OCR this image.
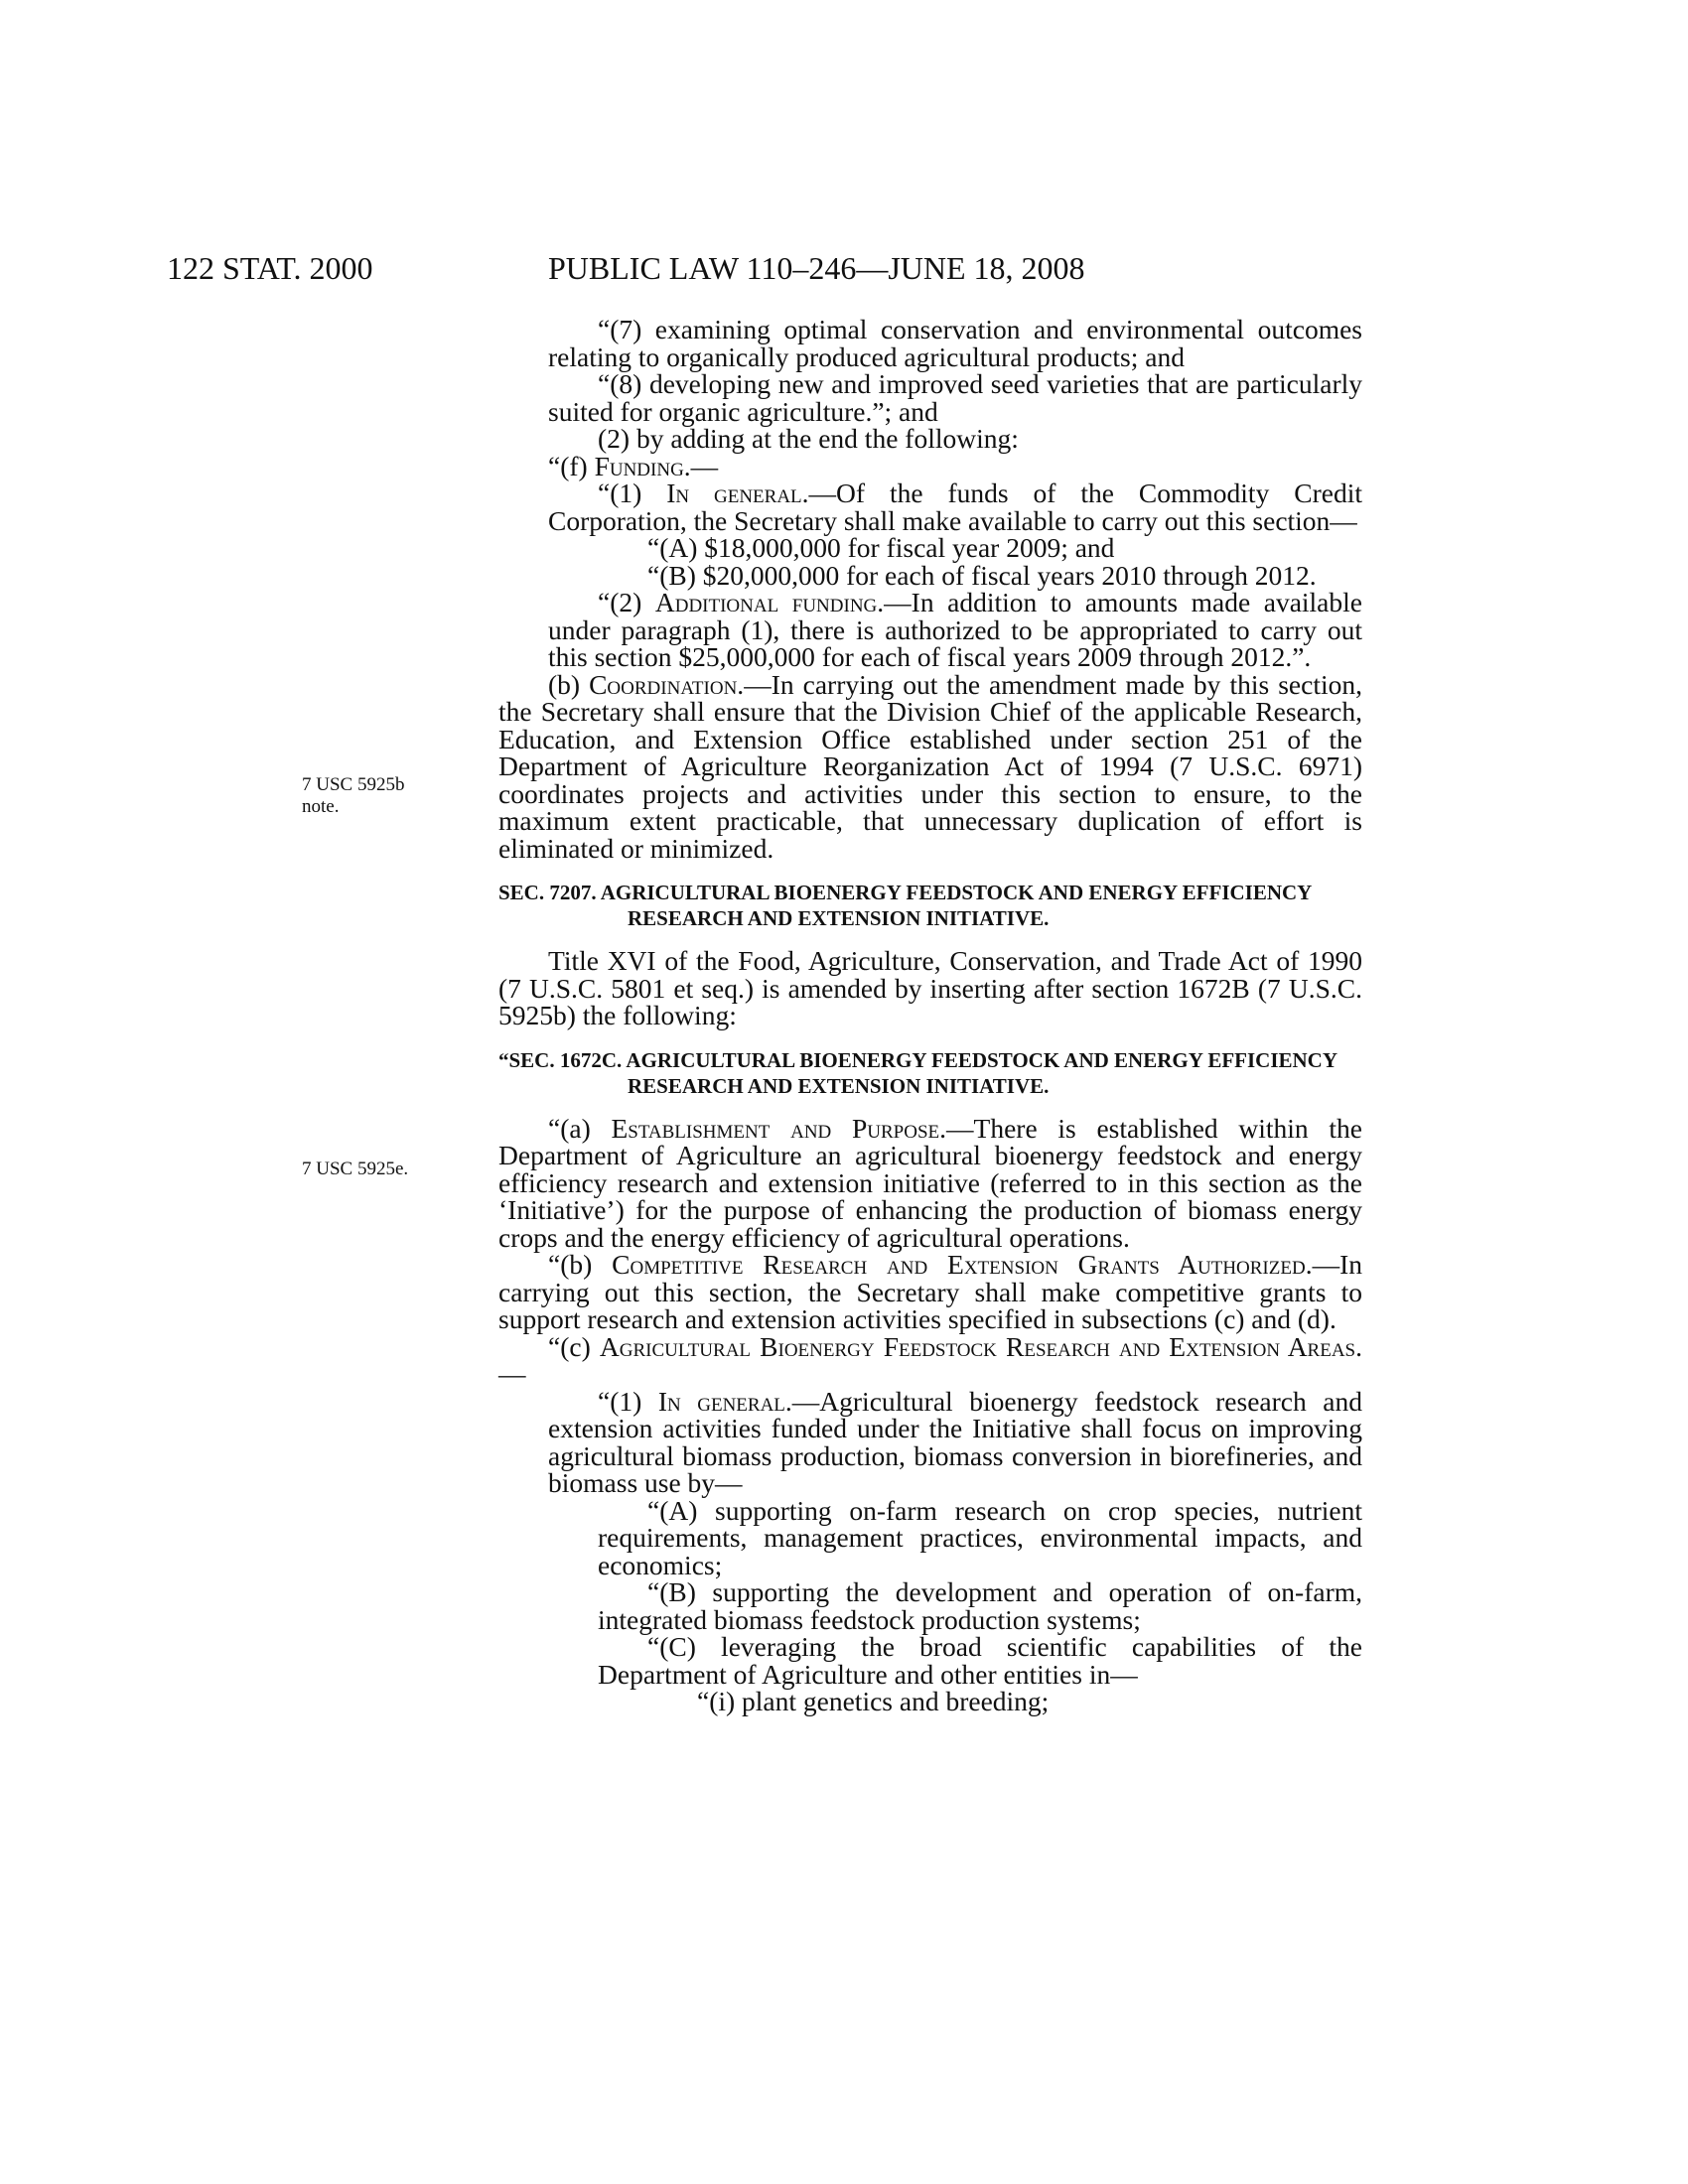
122 STAT. 2000	PUBLIC LAW 110–246—JUNE 18, 2008
7 USC 5925b
note.
7 USC 5925e.

“(7) examining optimal conservation and environmental outcomes relating to organically produced agricultural products; and

“(8) developing new and improved seed varieties that are particularly suited for organic agriculture.”; and

(2) by adding at the end the following:

“(f) Funding.—

“(1) In general.—Of the funds of the Commodity Credit Corporation, the Secretary shall make available to carry out this section—

“(A) $18,000,000 for fiscal year 2009; and

“(B) $20,000,000 for each of fiscal years 2010 through 2012.

“(2) Additional funding.—In addition to amounts made available under paragraph (1), there is authorized to be appropriated to carry out this section $25,000,000 for each of fiscal years 2009 through 2012.”.

(b) Coordination.—In carrying out the amendment made by this section, the Secretary shall ensure that the Division Chief of the applicable Research, Education, and Extension Office established under section 251 of the Department of Agriculture Reorganization Act of 1994 (7 U.S.C. 6971) coordinates projects and activities under this section to ensure, to the maximum extent practicable, that unnecessary duplication of effort is eliminated or minimized.

SEC. 7207. AGRICULTURAL BIOENERGY FEEDSTOCK AND ENERGY EFFICIENCY RESEARCH AND EXTENSION INITIATIVE.

Title XVI of the Food, Agriculture, Conservation, and Trade Act of 1990 (7 U.S.C. 5801 et seq.) is amended by inserting after section 1672B (7 U.S.C. 5925b) the following:

“SEC. 1672C. AGRICULTURAL BIOENERGY FEEDSTOCK AND ENERGY EFFICIENCY RESEARCH AND EXTENSION INITIATIVE.

“(a) Establishment and Purpose.—There is established within the Department of Agriculture an agricultural bioenergy feedstock and energy efficiency research and extension initiative (referred to in this section as the ‘Initiative’) for the purpose of enhancing the production of biomass energy crops and the energy efficiency of agricultural operations.

“(b) Competitive Research and Extension Grants Authorized.—In carrying out this section, the Secretary shall make competitive grants to support research and extension activities specified in subsections (c) and (d).

“(c) Agricultural Bioenergy Feedstock Research and Extension Areas.—

“(1) In general.—Agricultural bioenergy feedstock research and extension activities funded under the Initiative shall focus on improving agricultural biomass production, biomass conversion in biorefineries, and biomass use by—

“(A) supporting on-farm research on crop species, nutrient requirements, management practices, environmental impacts, and economics;

“(B) supporting the development and operation of on-farm, integrated biomass feedstock production systems;

“(C) leveraging the broad scientific capabilities of the Department of Agriculture and other entities in—

“(i) plant genetics and breeding;
